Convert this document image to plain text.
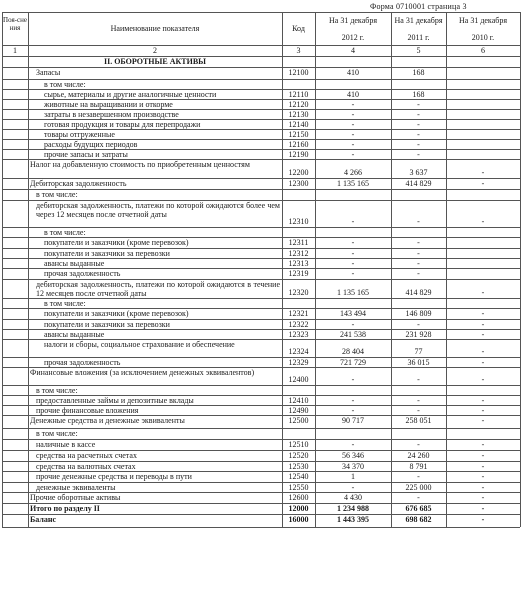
Форма 0710001 страница 3
Поя-снения	Наименование показателя	Код
На 31 декабря
2012 г.
На 31 декабря
2011 г.
На 31 декабря
2010 г.
1	2	3	4	5	6
II. ОБОРОТНЫЕ АКТИВЫ
Запасы	12100	410	168
в том числе:
сырье, материалы и другие аналогичные ценности	12110	410	168
животные на выращивании и откорме	12120	-	-
затраты в незавершенном производстве	12130	-	-
готовая продукция и товары для перепродажи	12140	-	-
товары отгруженные	12150	-	-
расходы будущих периодов	12160	-	-
прочие запасы и затраты	12190	-	-
Налог на добавленную стоимость по приобретенным ценностям
12200	4 266	3 637	-
Дебиторская задолженность	12300	1 135 165	414 829	-
в том числе:
дебиторская задолженность, платежи по которой ожидаются более чем через 12 месяцев после отчетной даты
12310	-	-	-
в том числе:
покупатели и заказчики (кроме перевозок)	12311	-	-
покупатели и заказчики за перевозки	12312	-	-
авансы выданные	12313	-	-
прочая задолженность	12319	-	-
дебиторская задолженность, платежи по которой ожидаются в течение 12 месяцев после отчетной даты	12320	1 135 165	414 829	-
в том числе:
покупатели и заказчики (кроме перевозок)	12321	143 494	146 809	-
покупатели и заказчики за перевозки	12322	-	-	-
авансы выданные	12323	241 538	231 928	-
налоги и сборы, социальное страхование и обеспечение
12324	28 404	77	-
прочая задолженность	12329	721 729	36 015	-
Финансовые вложения (за исключением денежных эквивалентов)
12400	-	-	-
в том числе:
предоставленные займы и депозитные вклады	12410	-	-	-
прочие финансовые вложения	12490	-	-	-
Денежные средства и денежные эквиваленты	12500	90 717	258 051	-
в том числе:
наличные в кассе	12510	-	-	-
средства на расчетных счетах	12520	56 346	24 260	-
средства на валютных счетах	12530	34 370	8 791	-
прочие денежные средства и переводы в пути	12540	1	-	-
денежные эквиваленты	12550	-	225 000	-
Прочие оборотные активы	12600	4 430	-	-
Итого по разделу II	12000	1 234 988	676 685	-
Баланс	16000	1 443 395	698 682	-
